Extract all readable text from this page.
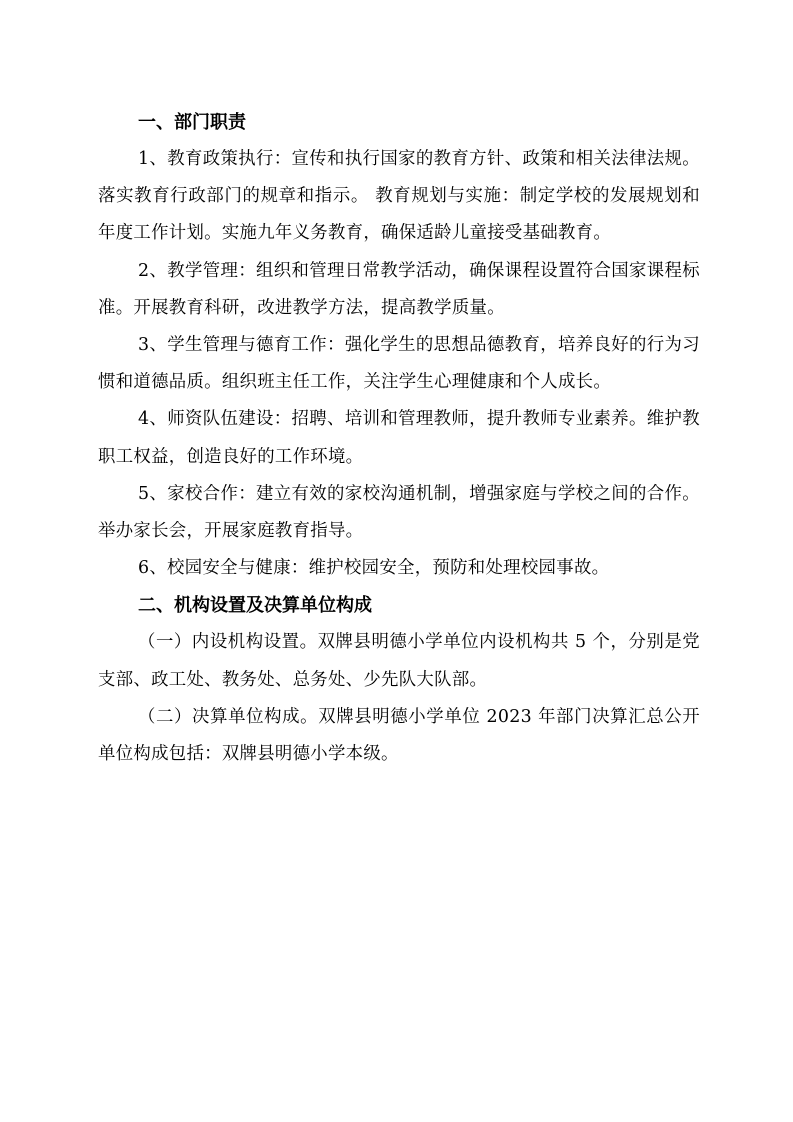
一、部门职责

1、教育政策执行：宣传和执行国家的教育方针、政策和相关法律法规。落实教育行政部门的规章和指示。 教育规划与实施：制定学校的发展规划和年度工作计划。实施九年义务教育，确保适龄儿童接受基础教育。

2、教学管理：组织和管理日常教学活动，确保课程设置符合国家课程标准。开展教育科研，改进教学方法，提高教学质量。

3、学生管理与德育工作：强化学生的思想品德教育，培养良好的行为习惯和道德品质。组织班主任工作，关注学生心理健康和个人成长。

4、师资队伍建设：招聘、培训和管理教师，提升教师专业素养。维护教职工权益，创造良好的工作环境。

5、家校合作：建立有效的家校沟通机制，增强家庭与学校之间的合作。举办家长会，开展家庭教育指导。

6、校园安全与健康：维护校园安全，预防和处理校园事故。

二、机构设置及决算单位构成

（一）内设机构设置。双牌县明德小学单位内设机构共 5 个，分别是党支部、政工处、教务处、总务处、少先队大队部。

（二）决算单位构成。双牌县明德小学单位 2023 年部门决算汇总公开单位构成包括：双牌县明德小学本级。
